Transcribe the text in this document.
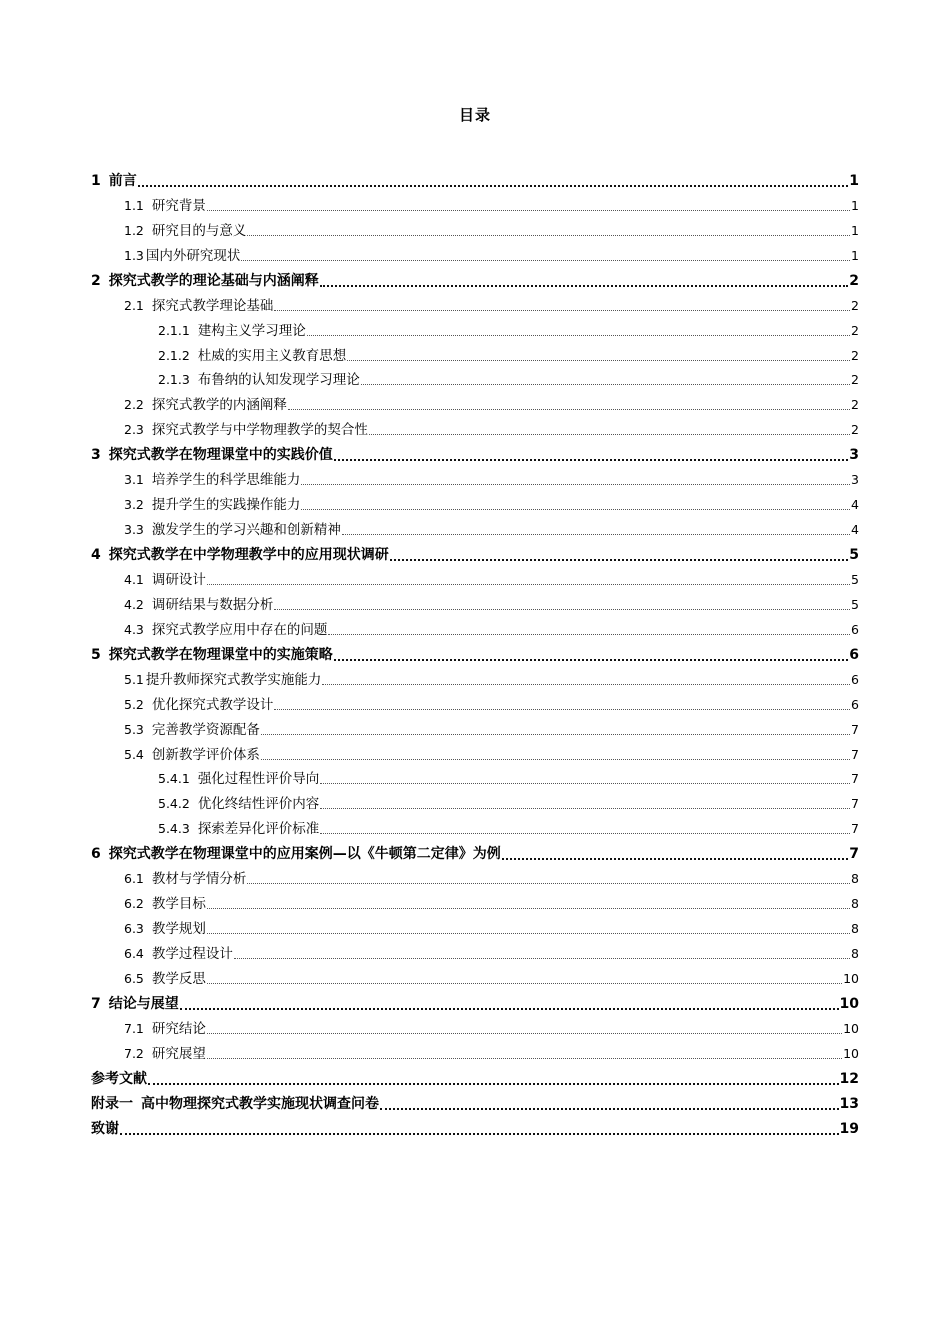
目录
1 前言	1
1.1 研究背景	1
1.2 研究目的与意义	1
1.3 国内外研究现状	1
2 探究式教学的理论基础与内涵阐释	2
2.1 探究式教学理论基础	2
2.1.1 建构主义学习理论	2
2.1.2 杜威的实用主义教育思想	2
2.1.3 布鲁纳的认知发现学习理论	2
2.2 探究式教学的内涵阐释	2
2.3 探究式教学与中学物理教学的契合性	2
3 探究式教学在物理课堂中的实践价值	3
3.1 培养学生的科学思维能力	3
3.2 提升学生的实践操作能力	4
3.3 激发学生的学习兴趣和创新精神	4
4 探究式教学在中学物理教学中的应用现状调研	5
4.1 调研设计	5
4.2 调研结果与数据分析	5
4.3 探究式教学应用中存在的问题	6
5 探究式教学在物理课堂中的实施策略	6
5.1 提升教师探究式教学实施能力	6
5.2 优化探究式教学设计	6
5.3 完善教学资源配备	7
5.4 创新教学评价体系	7
5.4.1 强化过程性评价导向	7
5.4.2 优化终结性评价内容	7
5.4.3 探索差异化评价标准	7
6 探究式教学在物理课堂中的应用案例—以《牛顿第二定律》为例	7
6.1 教材与学情分析	8
6.2 教学目标	8
6.3 教学规划	8
6.4 教学过程设计	8
6.5 教学反思	10
7 结论与展望	10
7.1 研究结论	10
7.2 研究展望	10
参考文献	12
附录一 高中物理探究式教学实施现状调查问卷	13
致谢	19
